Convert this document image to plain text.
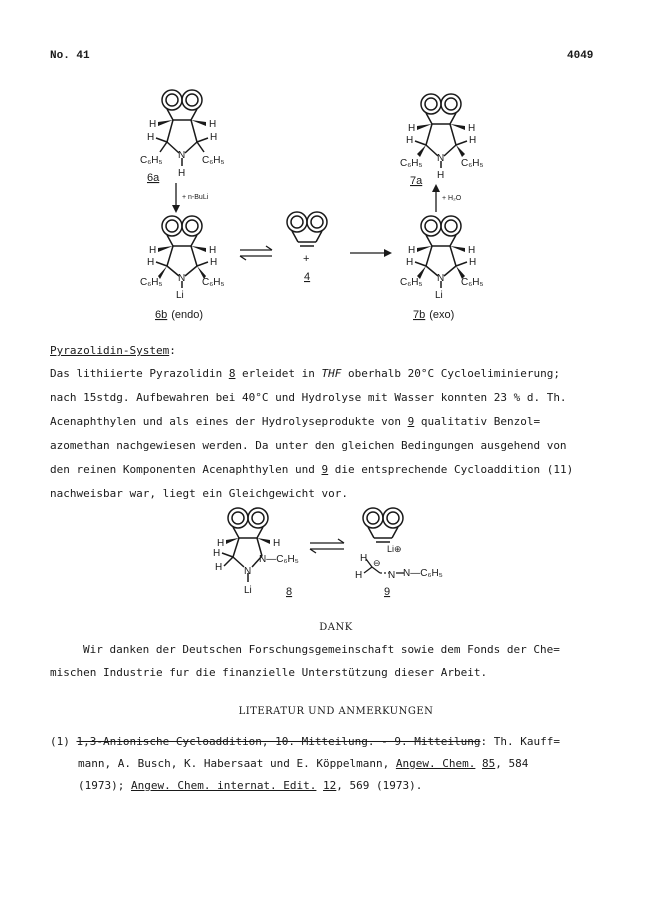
No. 41	4049
H	H
H	H
N
H
C₆H₅	C₆H₅
6a
+ n-BuLi
H	H
H	H
N
Li
C₆H₅	C₆H₅
6b (endo)
+
4
H	H
H	H
N
H
C₆H₅	C₆H₅
7a
+ H₂O
H	H
H	H
N
Li
C₆H₅	C₆H₅
7b (exo)
Pyrazolidin-System:
Das lithiierte Pyrazolidin 8 erleidet in THF oberhalb 20°C Cycloeliminierung;
nach 15stdg. Aufbewahren bei 40°C und Hydrolyse mit Wasser konnten 23 % d. Th.
Acenaphthylen und als eines der Hydrolyseprodukte von 9 qualitativ Benzol=
azomethan nachgewiesen werden. Da unter den gleichen Bedingungen ausgehend von
den reinen Komponenten Acenaphthylen und 9 die entsprechende Cycloaddition (11)
nachweisbar war, liegt ein Gleichgewicht vor.
H	H
H
H
N—C₆H₅
N
Li	8
Li⊕
⊖
H
H	N N—C₆H₅
9
DANK
Wir danken der Deutschen Forschungsgemeinschaft sowie dem Fonds der Che=
mischen Industrie fur die finanzielle Unterstützung dieser Arbeit.
LITERATUR UND ANMERKUNGEN
(1) 1,3-Anionische Cycloaddition, 10. Mitteilung. - 9. Mitteilung: Th. Kauff=
mann, A. Busch, K. Habersaat und E. Köppelmann, Angew. Chem. 85, 584
(1973); Angew. Chem. internat. Edit. 12, 569 (1973).
